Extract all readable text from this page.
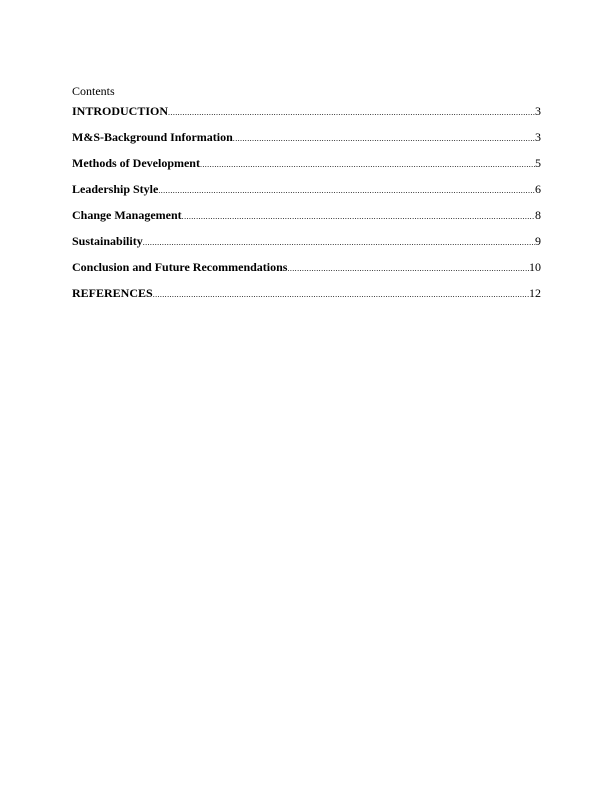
Contents
INTRODUCTION .....	3
M&S-Background Information .....	3
Methods of Development .....	5
Leadership Style .....	6
Change Management .....	8
Sustainability .....	9
Conclusion and Future Recommendations .....	10
REFERENCES .....	12
